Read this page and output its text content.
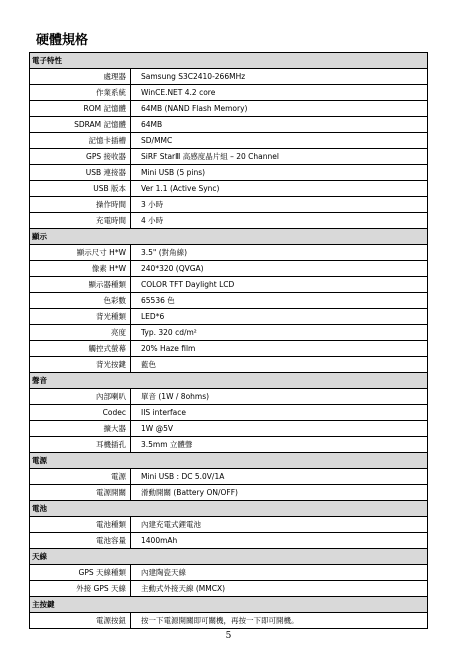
硬體規格
電子特性	
處理器	Samsung S3C2410-266MHz
作業系統	WinCE.NET 4.2 core
ROM 記憶體	64MB (NAND Flash Memory)
SDRAM 記憶體	64MB
記憶卡插槽	SD/MMC
GPS 接收器	SiRF StarⅢ 高感度晶片組 – 20 Channel
USB 連接器	Mini USB (5 pins)
USB 版本	Ver 1.1 (Active Sync)
操作時間	3 小時
充電時間	4 小時
顯示	
顯示尺寸 H*W	3.5" (對角線)
像素 H*W	240*320 (QVGA)
顯示器種類	COLOR TFT Daylight LCD
色彩數	65536 色
背光種類	LED*6
亮度	Typ. 320 cd/m²
觸控式螢幕	20% Haze film
背光按鍵	藍色
聲音	
內部喇叭	單音 (1W / 8ohms)
Codec	IIS interface
擴大器	1W @5V
耳機插孔	3.5mm 立體聲
電源	
電源	Mini USB : DC 5.0V/1A
電源開關	滑動開關 (Battery ON/OFF)
電池	
電池種類	內建充電式鋰電池
電池容量	1400mAh
天線	
GPS 天線種類	內建陶瓷天線
外接 GPS 天線	主動式外接天線 (MMCX)
主按鍵	
電源按鈕	按一下電源開關即可關機，再按一下即可開機。
5
